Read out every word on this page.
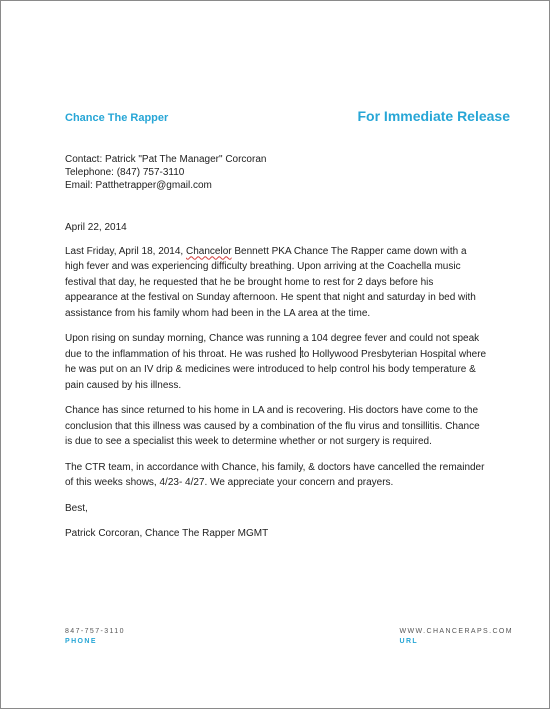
Chance The Rapper	For Immediate Release
Contact: Patrick "Pat The Manager" Corcoran
Telephone: (847) 757-3110
Email: Patthetrapper@gmail.com

April 22, 2014

Last Friday, April 18, 2014, Chancelor Bennett PKA Chance The Rapper came down with a high fever and was experiencing difficulty breathing. Upon arriving at the Coachella music festival that day, he requested that he be brought home to rest for 2 days before his appearance at the festival on Sunday afternoon. He spent that night and saturday in bed with assistance from his family whom had been in the LA area at the time.

Upon rising on sunday morning, Chance was running a 104 degree fever and could not speak due to the inflammation of his throat. He was rushed to Hollywood Presbyterian Hospital where he was put on an IV drip & medicines were introduced to help control his body temperature & pain caused by his illness.

Chance has since returned to his home in LA and is recovering. His doctors have come to the conclusion that this illness was caused by a combination of the flu virus and tonsillitis. Chance is due to see a specialist this week to determine whether or not surgery is required.

The CTR team, in accordance with Chance, his family, & doctors have cancelled the remainder of this weeks shows, 4/23- 4/27. We appreciate your concern and prayers.

Best,

Patrick Corcoran, Chance The Rapper MGMT

847-757-3110
PHONE
WWW.CHANCERAPS.COM
URL
